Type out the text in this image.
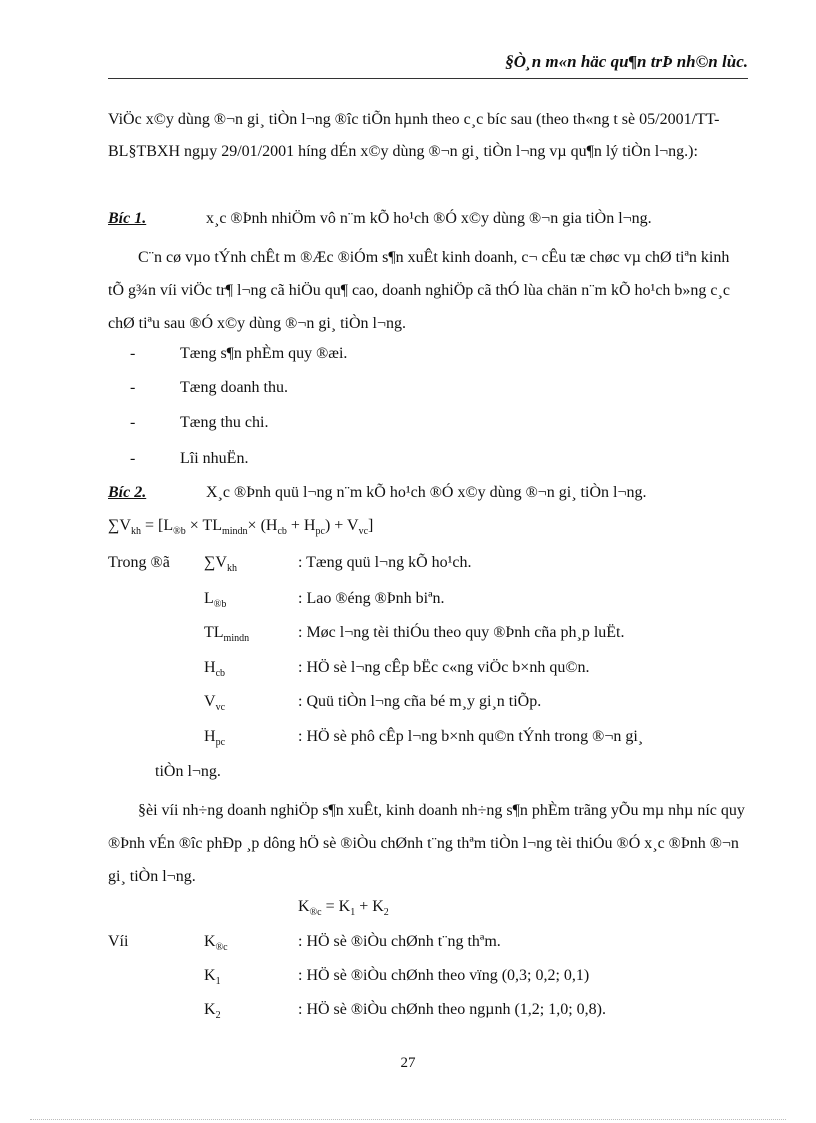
§Ò¸n m«n häc qu¶n trÞ nh©n lùc.
ViÖc x©y dùng ®¬n gi¸ tiÒn l¬ng ®îc tiÕn hµnh theo c¸c bíc sau (theo th«ng t sè 05/2001/TT-BL§TBXH ngµy 29/01/2001 híng dÉn x©y dùng ®¬n gi¸ tiÒn l¬ng vµ qu¶n lý tiÒn l¬ng.):
Bíc 1.	x¸c ®Þnh nhiÖm vô n¨m kÕ ho¹ch ®Ó x©y dùng ®¬n gia tiÒn l¬ng.
C¨n cø vµo tÝnh chÊt m ®Æc ®iÓm s¶n xuÊt kinh doanh, c¬ cÊu tæ chøc vµ chØ tiªn kinh tÕ g¾n víi viÖc tr¶ l¬ng cã hiÖu qu¶ cao, doanh nghiÖp cã thÓ lùa chän n¨m kÕ ho¹ch b»ng c¸c chØ tiªu sau ®Ó x©y dùng ®¬n gi¸ tiÒn l¬ng.
-	Tæng s¶n phÈm quy ®æi.
-	Tæng doanh thu.
-	Tæng thu chi.
-	Lîi nhuËn.
Bíc 2.	X¸c ®Þnh quü l¬ng n¨m kÕ ho¹ch ®Ó x©y dùng ®¬n gi¸ tiÒn l¬ng.
$\sum V_{kh} = [L_{®b} \times TL_{mindn}\times (H_{cb} + H_{pc}) + V_{vc}]$
Trong ®ã $\sum V_{kh}$	: Tæng quü l¬ng kÕ ho¹ch.
$L_{®b}$	: Lao ®éng ®Þnh biªn.
$TL_{mindn}$	: Møc l¬ng tèi thiÓu theo quy ®Þnh cña ph¸p luËt.
$H_{cb}$	: HÖ sè l¬ng cÊp bËc c«ng viÖc b×nh qu©n.
$V_{vc}$	: Quü tiÒn l¬ng cña bé m¸y gi¸n tiÕp.
$H_{pc}$	: HÖ sè phô cÊp l¬ng b×nh qu©n tÝnh trong ®¬n gi¸
tiÒn l¬ng.
§èi víi nh÷ng doanh nghiÖp s¶n xuÊt, kinh doanh nh÷ng s¶n phÈm trãng yÕu mµ nhµ níc quy ®Þnh vÉn ®îc phÐp ¸p dông hÖ sè ®iÒu chØnh t¨ng thªm tiÒn l¬ng tèi thiÓu ®Ó x¸c ®Þnh ®¬n gi¸ tiÒn l¬ng.
$K_{®c} = K_1 + K_2$
Víi	$K_{®c}$	: HÖ sè ®iÒu chØnh t¨ng thªm.
$K_1$	: HÖ sè ®iÒu chØnh theo vïng (0,3; 0,2; 0,1)
$K_2$	: HÖ sè ®iÒu chØnh theo ngµnh (1,2; 1,0; 0,8).
27
